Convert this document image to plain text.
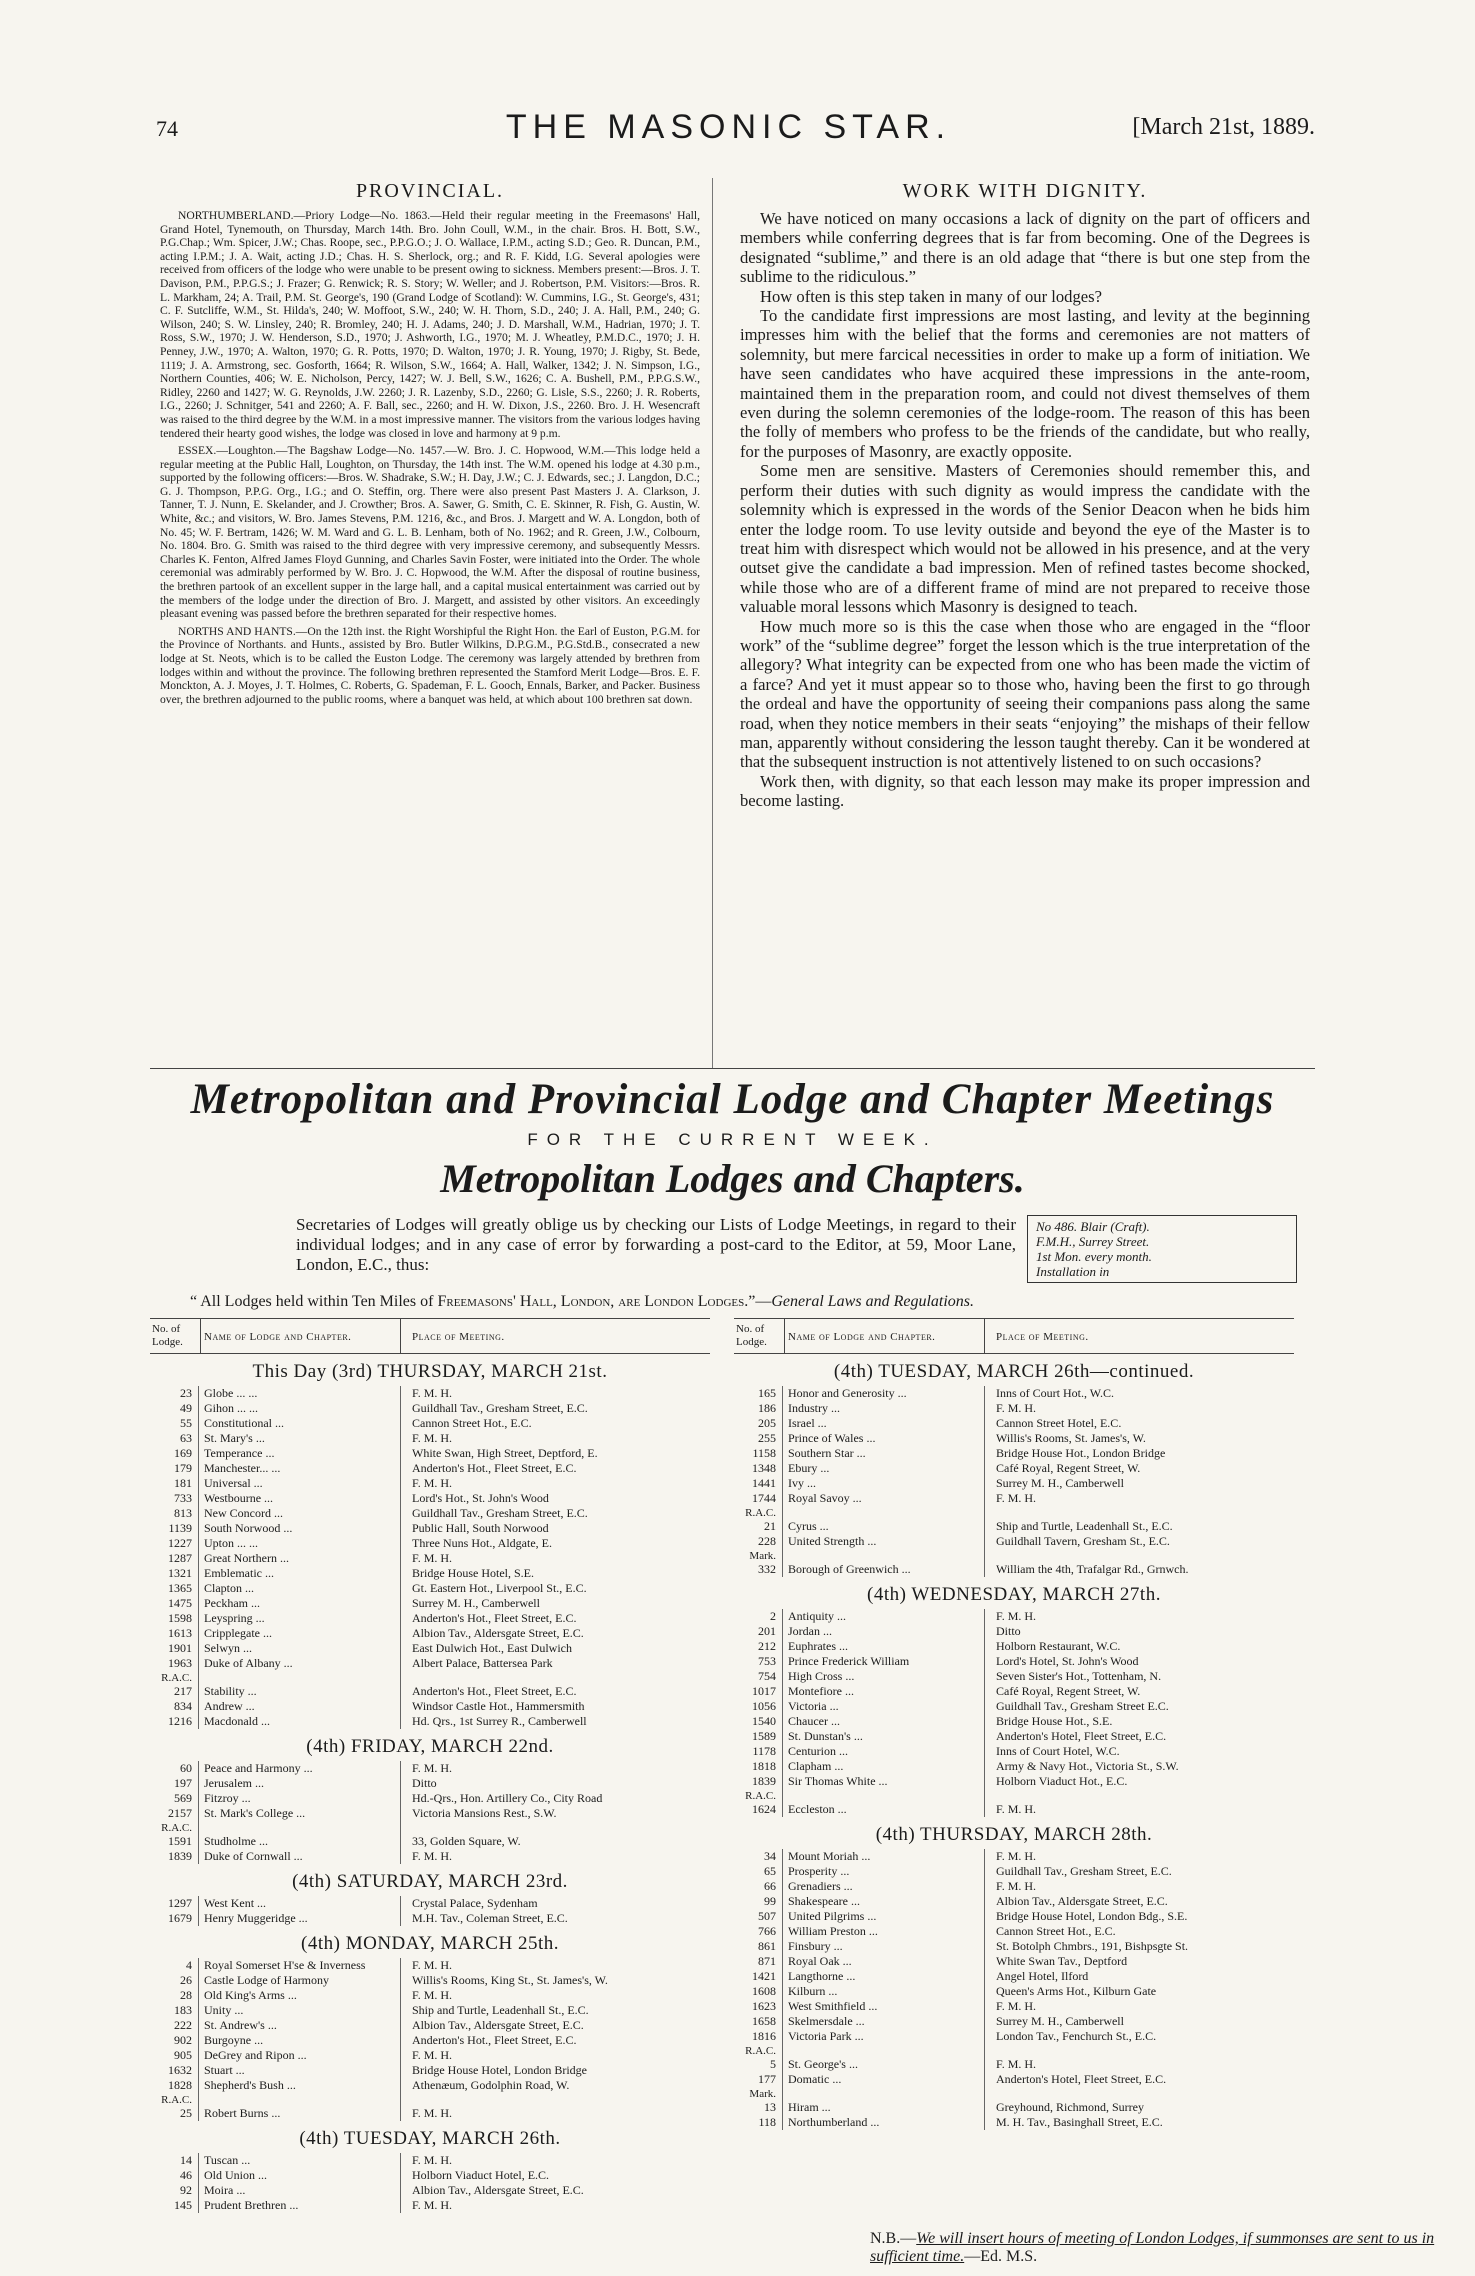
74	THE MASONIC STAR.	[March 21st, 1889.
PROVINCIAL.

NORTHUMBERLAND.—Priory Lodge—No. 1863.—Held their regular meeting in the Freemasons' Hall, Grand Hotel, Tynemouth, on Thursday, March 14th. Bro. John Coull, W.M., in the chair. Bros. H. Bott, S.W., P.G.Chap.; Wm. Spicer, J.W.; Chas. Roope, sec., P.P.G.O.; J. O. Wallace, I.P.M., acting S.D.; Geo. R. Duncan, P.M., acting I.P.M.; J. A. Wait, acting J.D.; Chas. H. S. Sherlock, org.; and R. F. Kidd, I.G. Several apologies were received from officers of the lodge who were unable to be present owing to sickness. Members present:—Bros. J. T. Davison, P.M., P.P.G.S.; J. Frazer; G. Renwick; R. S. Story; W. Weller; and J. Robertson, P.M. Visitors:—Bros. R. L. Markham, 24; A. Trail, P.M. St. George's, 190 (Grand Lodge of Scotland): W. Cummins, I.G., St. George's, 431; C. F. Sutcliffe, W.M., St. Hilda's, 240; W. Moffoot, S.W., 240; W. H. Thorn, S.D., 240; J. A. Hall, P.M., 240; G. Wilson, 240; S. W. Linsley, 240; R. Bromley, 240; H. J. Adams, 240; J. D. Marshall, W.M., Hadrian, 1970; J. T. Ross, S.W., 1970; J. W. Henderson, S.D., 1970; J. Ashworth, I.G., 1970; M. J. Wheatley, P.M.D.C., 1970; J. H. Penney, J.W., 1970; A. Walton, 1970; G. R. Potts, 1970; D. Walton, 1970; J. R. Young, 1970; J. Rigby, St. Bede, 1119; J. A. Armstrong, sec. Gosforth, 1664; R. Wilson, S.W., 1664; A. Hall, Walker, 1342; J. N. Simpson, I.G., Northern Counties, 406; W. E. Nicholson, Percy, 1427; W. J. Bell, S.W., 1626; C. A. Bushell, P.M., P.P.G.S.W., Ridley, 2260 and 1427; W. G. Reynolds, J.W. 2260; J. R. Lazenby, S.D., 2260; G. Lisle, S.S., 2260; J. R. Roberts, I.G., 2260; J. Schnitger, 541 and 2260; A. F. Ball, sec., 2260; and H. W. Dixon, J.S., 2260. Bro. J. H. Wesencraft was raised to the third degree by the W.M. in a most impressive manner. The visitors from the various lodges having tendered their hearty good wishes, the lodge was closed in love and harmony at 9 p.m.

ESSEX.—Loughton.—The Bagshaw Lodge—No. 1457.—W. Bro. J. C. Hopwood, W.M.—This lodge held a regular meeting at the Public Hall, Loughton, on Thursday, the 14th inst. The W.M. opened his lodge at 4.30 p.m., supported by the following officers:—Bros. W. Shadrake, S.W.; H. Day, J.W.; C. J. Edwards, sec.; J. Langdon, D.C.; G. J. Thompson, P.P.G. Org., I.G.; and O. Steffin, org. There were also present Past Masters J. A. Clarkson, J. Tanner, T. J. Nunn, E. Skelander, and J. Crowther; Bros. A. Sawer, G. Smith, C. E. Skinner, R. Fish, G. Austin, W. White, &c.; and visitors, W. Bro. James Stevens, P.M. 1216, &c., and Bros. J. Margett and W. A. Longdon, both of No. 45; W. F. Bertram, 1426; W. M. Ward and G. L. B. Lenham, both of No. 1962; and R. Green, J.W., Colbourn, No. 1804. Bro. G. Smith was raised to the third degree with very impressive ceremony, and subsequently Messrs. Charles K. Fenton, Alfred James Floyd Gunning, and Charles Savin Foster, were initiated into the Order. The whole ceremonial was admirably performed by W. Bro. J. C. Hopwood, the W.M. After the disposal of routine business, the brethren partook of an excellent supper in the large hall, and a capital musical entertainment was carried out by the members of the lodge under the direction of Bro. J. Margett, and assisted by other visitors. An exceedingly pleasant evening was passed before the brethren separated for their respective homes.

NORTHS AND HANTS.—On the 12th inst. the Right Worshipful the Right Hon. the Earl of Euston, P.G.M. for the Province of Northants. and Hunts., assisted by Bro. Butler Wilkins, D.P.G.M., P.G.Std.B., consecrated a new lodge at St. Neots, which is to be called the Euston Lodge. The ceremony was largely attended by brethren from lodges within and without the province. The following brethren represented the Stamford Merit Lodge—Bros. E. F. Monckton, A. J. Moyes, J. T. Holmes, C. Roberts, G. Spademan, F. L. Gooch, Ennals, Barker, and Packer. Business over, the brethren adjourned to the public rooms, where a banquet was held, at which about 100 brethren sat down.

WORK WITH DIGNITY.

We have noticed on many occasions a lack of dignity on the part of officers and members while conferring degrees that is far from becoming. One of the Degrees is designated “sublime,” and there is an old adage that “there is but one step from the sublime to the ridiculous.”

How often is this step taken in many of our lodges?

To the candidate first impressions are most lasting, and levity at the beginning impresses him with the belief that the forms and ceremonies are not matters of solemnity, but mere farcical necessities in order to make up a form of initiation. We have seen candidates who have acquired these impressions in the ante-room, maintained them in the preparation room, and could not divest themselves of them even during the solemn ceremonies of the lodge-room. The reason of this has been the folly of members who profess to be the friends of the candidate, but who really, for the purposes of Masonry, are exactly opposite.

Some men are sensitive. Masters of Ceremonies should remember this, and perform their duties with such dignity as would impress the candidate with the solemnity which is expressed in the words of the Senior Deacon when he bids him enter the lodge room. To use levity outside and beyond the eye of the Master is to treat him with disrespect which would not be allowed in his presence, and at the very outset give the candidate a bad impression. Men of refined tastes become shocked, while those who are of a different frame of mind are not prepared to receive those valuable moral lessons which Masonry is designed to teach.

How much more so is this the case when those who are engaged in the “floor work” of the “sublime degree” forget the lesson which is the true interpretation of the allegory? What integrity can be expected from one who has been made the victim of a farce? And yet it must appear so to those who, having been the first to go through the ordeal and have the opportunity of seeing their companions pass along the same road, when they notice members in their seats “enjoying” the mishaps of their fellow man, apparently without considering the lesson taught thereby. Can it be wondered at that the subsequent instruction is not attentively listened to on such occasions?

Work then, with dignity, so that each lesson may make its proper impression and become lasting.

Metropolitan and Provincial Lodge and Chapter Meetings
FOR THE CURRENT WEEK.
Metropolitan Lodges and Chapters.
Secretaries of Lodges will greatly oblige us by checking our Lists of Lodge Meetings, in regard to their individual lodges; and in any case of error by forwarding a post-card to the Editor, at 59, Moor Lane, London, E.C., thus:
No 486. Blair (Craft).
F.M.H., Surrey Street.
1st Mon. every month.
Installation in
“ All Lodges held within Ten Miles of Freemasons' Hall, London, are London Lodges.”—General Laws and Regulations.
No. of Lodge.	Name of Lodge and Chapter.	Place of Meeting.
This Day (3rd) THURSDAY, MARCH 21st.
23 Globe ... ...	F. M. H.
49 Gihon ... ...	Guildhall Tav., Gresham Street, E.C.
55 Constitutional ...	Cannon Street Hot., E.C.
63 St. Mary's ...	F. M. H.
169 Temperance ...	White Swan, High Street, Deptford, E.
179 Manchester... ...	Anderton's Hot., Fleet Street, E.C.
181 Universal ...	F. M. H.
733 Westbourne ...	Lord's Hot., St. John's Wood
813 New Concord ...	Guildhall Tav., Gresham Street, E.C.
1139 South Norwood ...	Public Hall, South Norwood
1227 Upton ... ...	Three Nuns Hot., Aldgate, E.
1287 Great Northern ...	F. M. H.
1321 Emblematic ...	Bridge House Hotel, S.E.
1365 Clapton ...	Gt. Eastern Hot., Liverpool St., E.C.
1475 Peckham ...	Surrey M. H., Camberwell
1598 Leyspring ...	Anderton's Hot., Fleet Street, E.C.
1613 Cripplegate ...	Albion Tav., Aldersgate Street, E.C.
1901 Selwyn ...	East Dulwich Hot., East Dulwich
1963 Duke of Albany ...	Albert Palace, Battersea Park
R.A.C.
217 Stability ...	Anderton's Hot., Fleet Street, E.C.
834 Andrew ...	Windsor Castle Hot., Hammersmith
1216 Macdonald ...	Hd. Qrs., 1st Surrey R., Camberwell
(4th) FRIDAY, MARCH 22nd.
60 Peace and Harmony ...	F. M. H.
197 Jerusalem ...	Ditto
569 Fitzroy ...	Hd.-Qrs., Hon. Artillery Co., City Road
2157 St. Mark's College ...	Victoria Mansions Rest., S.W.
R.A.C.
1591 Studholme ...	33, Golden Square, W.
1839 Duke of Cornwall ...	F. M. H.
(4th) SATURDAY, MARCH 23rd.
1297 West Kent ...	Crystal Palace, Sydenham
1679 Henry Muggeridge ...	M.H. Tav., Coleman Street, E.C.
(4th) MONDAY, MARCH 25th.
4 Royal Somerset H'se & Inverness	F. M. H.
26 Castle Lodge of Harmony	Willis's Rooms, King St., St. James's, W.
28 Old King's Arms ...	F. M. H.
183 Unity ...	Ship and Turtle, Leadenhall St., E.C.
222 St. Andrew's ...	Albion Tav., Aldersgate Street, E.C.
902 Burgoyne ...	Anderton's Hot., Fleet Street, E.C.
905 DeGrey and Ripon ...	F. M. H.
1632 Stuart ...	Bridge House Hotel, London Bridge
1828 Shepherd's Bush ...	Athenæum, Godolphin Road, W.
R.A.C.
25 Robert Burns ...	F. M. H.
(4th) TUESDAY, MARCH 26th.
14 Tuscan ...	F. M. H.
46 Old Union ...	Holborn Viaduct Hotel, E.C.
92 Moira ...	Albion Tav., Aldersgate Street, E.C.
145 Prudent Brethren ...	F. M. H.
No. of Lodge.	Name of Lodge and Chapter.	Place of Meeting.
(4th) TUESDAY, MARCH 26th—continued.
165 Honor and Generosity ...	Inns of Court Hot., W.C.
186 Industry ...	F. M. H.
205 Israel ...	Cannon Street Hotel, E.C.
255 Prince of Wales ...	Willis's Rooms, St. James's, W.
1158 Southern Star ...	Bridge House Hot., London Bridge
1348 Ebury ...	Café Royal, Regent Street, W.
1441 Ivy ...	Surrey M. H., Camberwell
1744 Royal Savoy ...	F. M. H.
R.A.C.
21 Cyrus ...	Ship and Turtle, Leadenhall St., E.C.
228 United Strength ...	Guildhall Tavern, Gresham St., E.C.
Mark.
332 Borough of Greenwich ...	William the 4th, Trafalgar Rd., Grnwch.
(4th) WEDNESDAY, MARCH 27th.
2 Antiquity ...	F. M. H.
201 Jordan ...	Ditto
212 Euphrates ...	Holborn Restaurant, W.C.
753 Prince Frederick William	Lord's Hotel, St. John's Wood
754 High Cross ...	Seven Sister's Hot., Tottenham, N.
1017 Montefiore ...	Café Royal, Regent Street, W.
1056 Victoria ...	Guildhall Tav., Gresham Street E.C.
1540 Chaucer ...	Bridge House Hot., S.E.
1589 St. Dunstan's ...	Anderton's Hotel, Fleet Street, E.C.
1178 Centurion ...	Inns of Court Hotel, W.C.
1818 Clapham ...	Army & Navy Hot., Victoria St., S.W.
1839 Sir Thomas White ...	Holborn Viaduct Hot., E.C.
R.A.C.
1624 Eccleston ...	F. M. H.
(4th) THURSDAY, MARCH 28th.
34 Mount Moriah ...	F. M. H.
65 Prosperity ...	Guildhall Tav., Gresham Street, E.C.
66 Grenadiers ...	F. M. H.
99 Shakespeare ...	Albion Tav., Aldersgate Street, E.C.
507 United Pilgrims ...	Bridge House Hotel, London Bdg., S.E.
766 William Preston ...	Cannon Street Hot., E.C.
861 Finsbury ...	St. Botolph Chmbrs., 191, Bishpsgte St.
871 Royal Oak ...	White Swan Tav., Deptford
1421 Langthorne ...	Angel Hotel, Ilford
1608 Kilburn ...	Queen's Arms Hot., Kilburn Gate
1623 West Smithfield ...	F. M. H.
1658 Skelmersdale ...	Surrey M. H., Camberwell
1816 Victoria Park ...	London Tav., Fenchurch St., E.C.
R.A.C.
5 St. George's ...	F. M. H.
177 Domatic ...	Anderton's Hotel, Fleet Street, E.C.
Mark.
13 Hiram ...	Greyhound, Richmond, Surrey
118 Northumberland ...	M. H. Tav., Basinghall Street, E.C.
N.B.—We will insert hours of meeting of London Lodges, if summonses are sent to us in sufficient time.—Ed. M.S.
